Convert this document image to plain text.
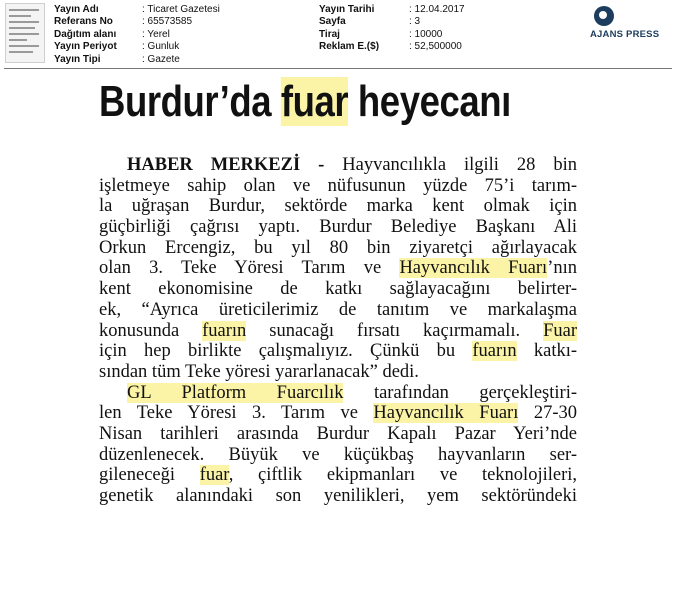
Yayın Adı	: Ticaret Gazetesi
Referans No	: 65573585
Dağıtım alanı	: Yerel
Yayın Periyot	: Gunluk
Yayın Tipi	: Gazete
Yayın Tarihi	: 12.04.2017
Sayfa	: 3
Tiraj	: 10000
Reklam E.($)	: 52,500000
AJANS PRESS
Burdur’da fuar heyecanı
HABER MERKEZİ - Hayvancılıkla ilgili 28 bin
işletmeye sahip olan ve nüfusunun yüzde 75’i tarım-
la uğraşan Burdur, sektörde marka kent olmak için
güçbirliği çağrısı yaptı. Burdur Belediye Başkanı Ali
Orkun Ercengiz, bu yıl 80 bin ziyaretçi ağırlayacak
olan 3. Teke Yöresi Tarım ve Hayvancılık Fuarı’nın
kent ekonomisine de katkı sağlayacağını belirter-
ek, “Ayrıca üreticilerimiz de tanıtım ve markalaşma
konusunda fuarın sunacağı fırsatı kaçırmamalı. Fuar
için hep birlikte çalışmalıyız. Çünkü bu fuarın katkı-
sından tüm Teke yöresi yararlanacak” dedi.
GL Platform Fuarcılık tarafından gerçekleştiri-
len Teke Yöresi 3. Tarım ve Hayvancılık Fuarı 27-30
Nisan tarihleri arasında Burdur Kapalı Pazar Yeri’nde
düzenlenecek. Büyük ve küçükbaş hayvanların ser-
gileneceği fuar, çiftlik ekipmanları ve teknolojileri,
genetik alanındaki son yenilikleri, yem sektöründeki
